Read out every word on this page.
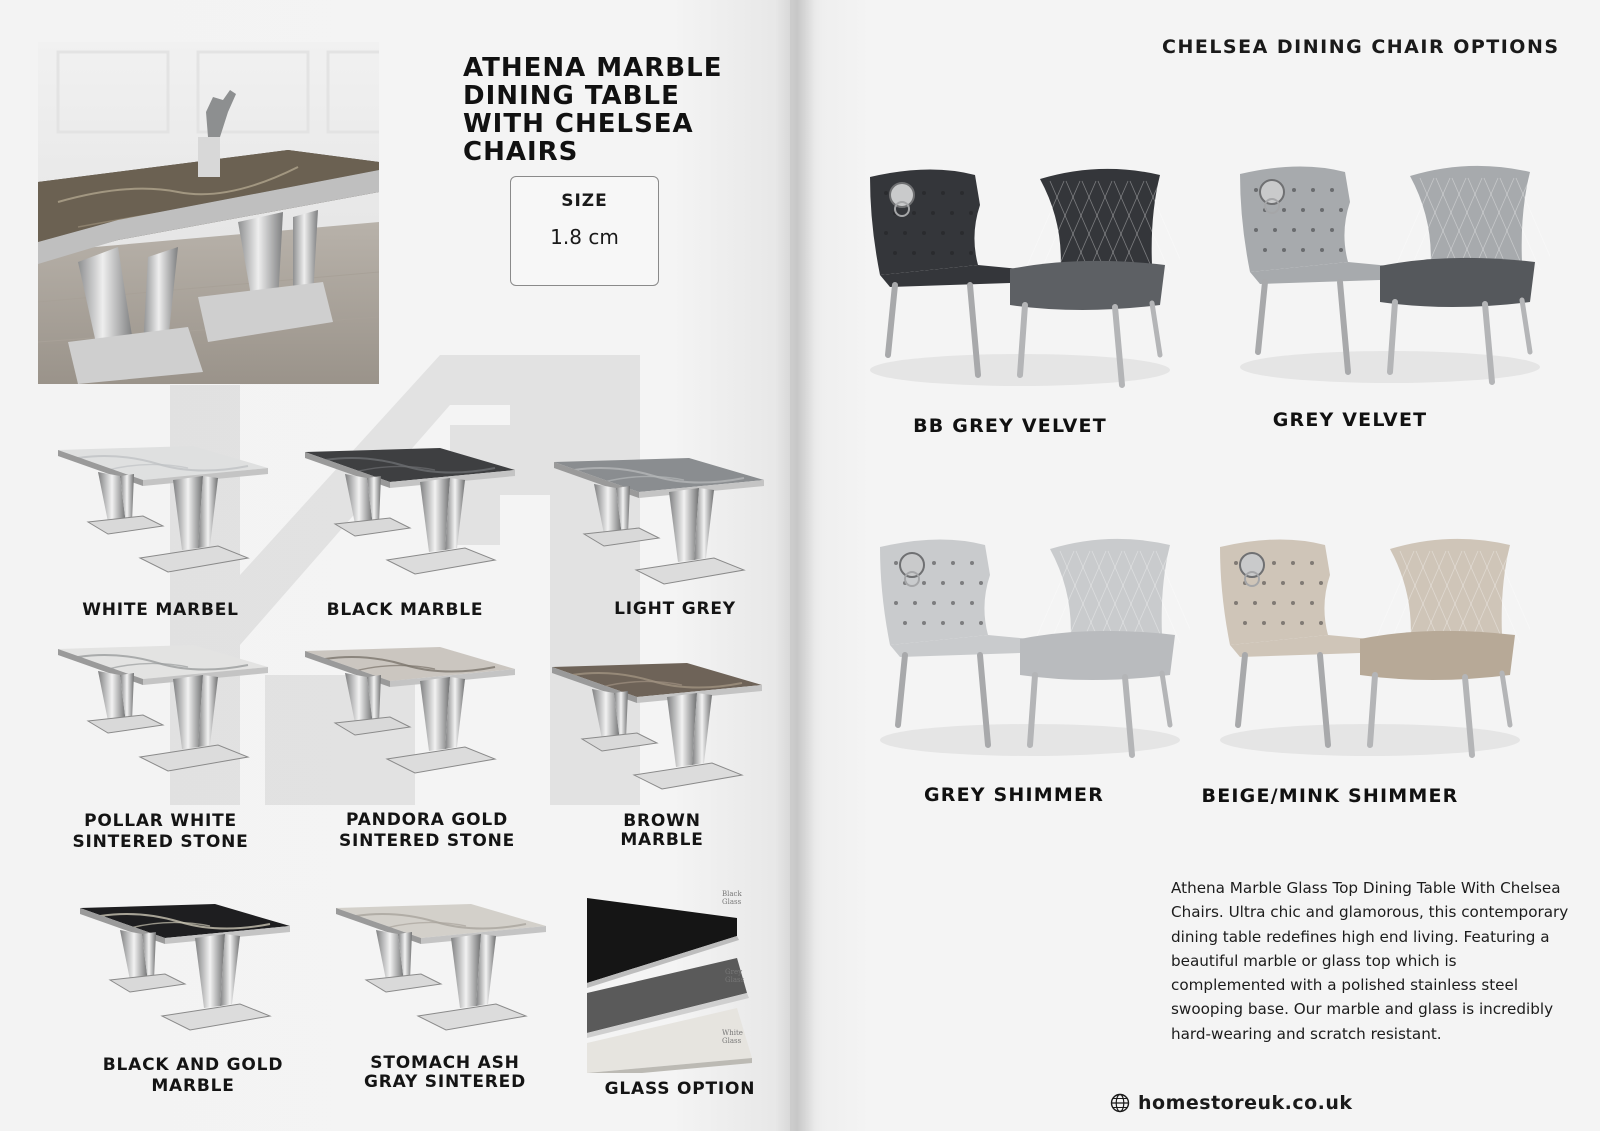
ATHENA MARBLE
DINING TABLE
WITH CHELSEA
CHAIRS
SIZE
1.8 cm
WHITE MARBEL	BLACK MARBLE	LIGHT GREY
POLLAR WHITE
SINTERED STONE
PANDORA GOLD
SINTERED STONE
BROWN
MARBLE
BLACK AND GOLD
MARBLE
STOMACH ASH
GRAY SINTERED
Black Glass
Grey Glass
White Glass
GLASS OPTION
CHELSEA DINING CHAIR OPTIONS
BB GREY VELVET	GREY VELVET
GREY SHIMMER	BEIGE/MINK SHIMMER

Athena Marble Glass Top Dining Table With Chelsea Chairs. Ultra chic and glamorous, this contemporary dining table redefines high end living. Featuring a beautiful marble or glass top which is complemented with a polished stainless steel swooping base. Our marble and glass is incredibly hard-wearing and scratch resistant.

homestoreuk.co.uk
